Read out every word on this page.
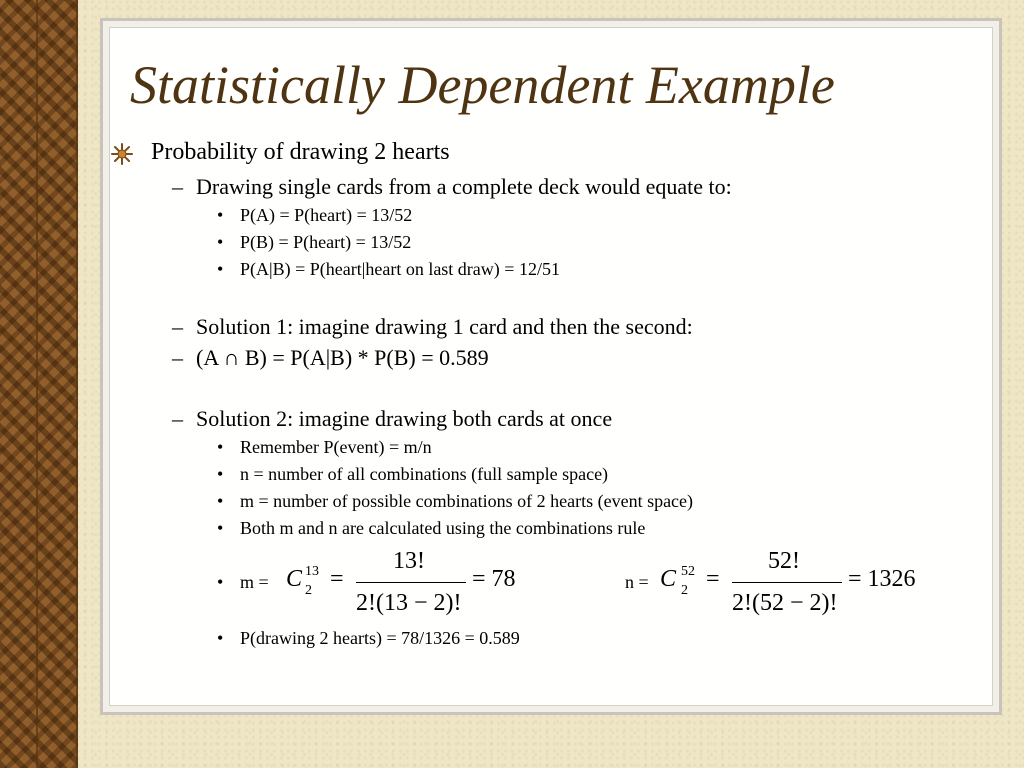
Statistically Dependent Example
Probability of drawing 2 hearts
– Drawing single cards from a complete deck would equate to:
• P(A) = P(heart) = 13/52
• P(B) = P(heart) = 13/52
• P(A|B) = P(heart|heart on last draw) = 12/51
– Solution 1: imagine drawing 1 card and then the second:
– (A ∩ B) = P(A|B) * P(B) = 0.589
– Solution 2: imagine drawing both cards at once
• Remember P(event) = m/n
• n = number of all combinations (full sample space)
• m = number of possible combinations of 2 hearts (event space)
• Both m and n are calculated using the combinations rule
• m = C 13
2 =
13!
2!(13 − 2)!
= 78	n = C 52
2 =
52!
2!(52 − 2)!
= 1326
• P(drawing 2 hearts) = 78/1326 = 0.589
